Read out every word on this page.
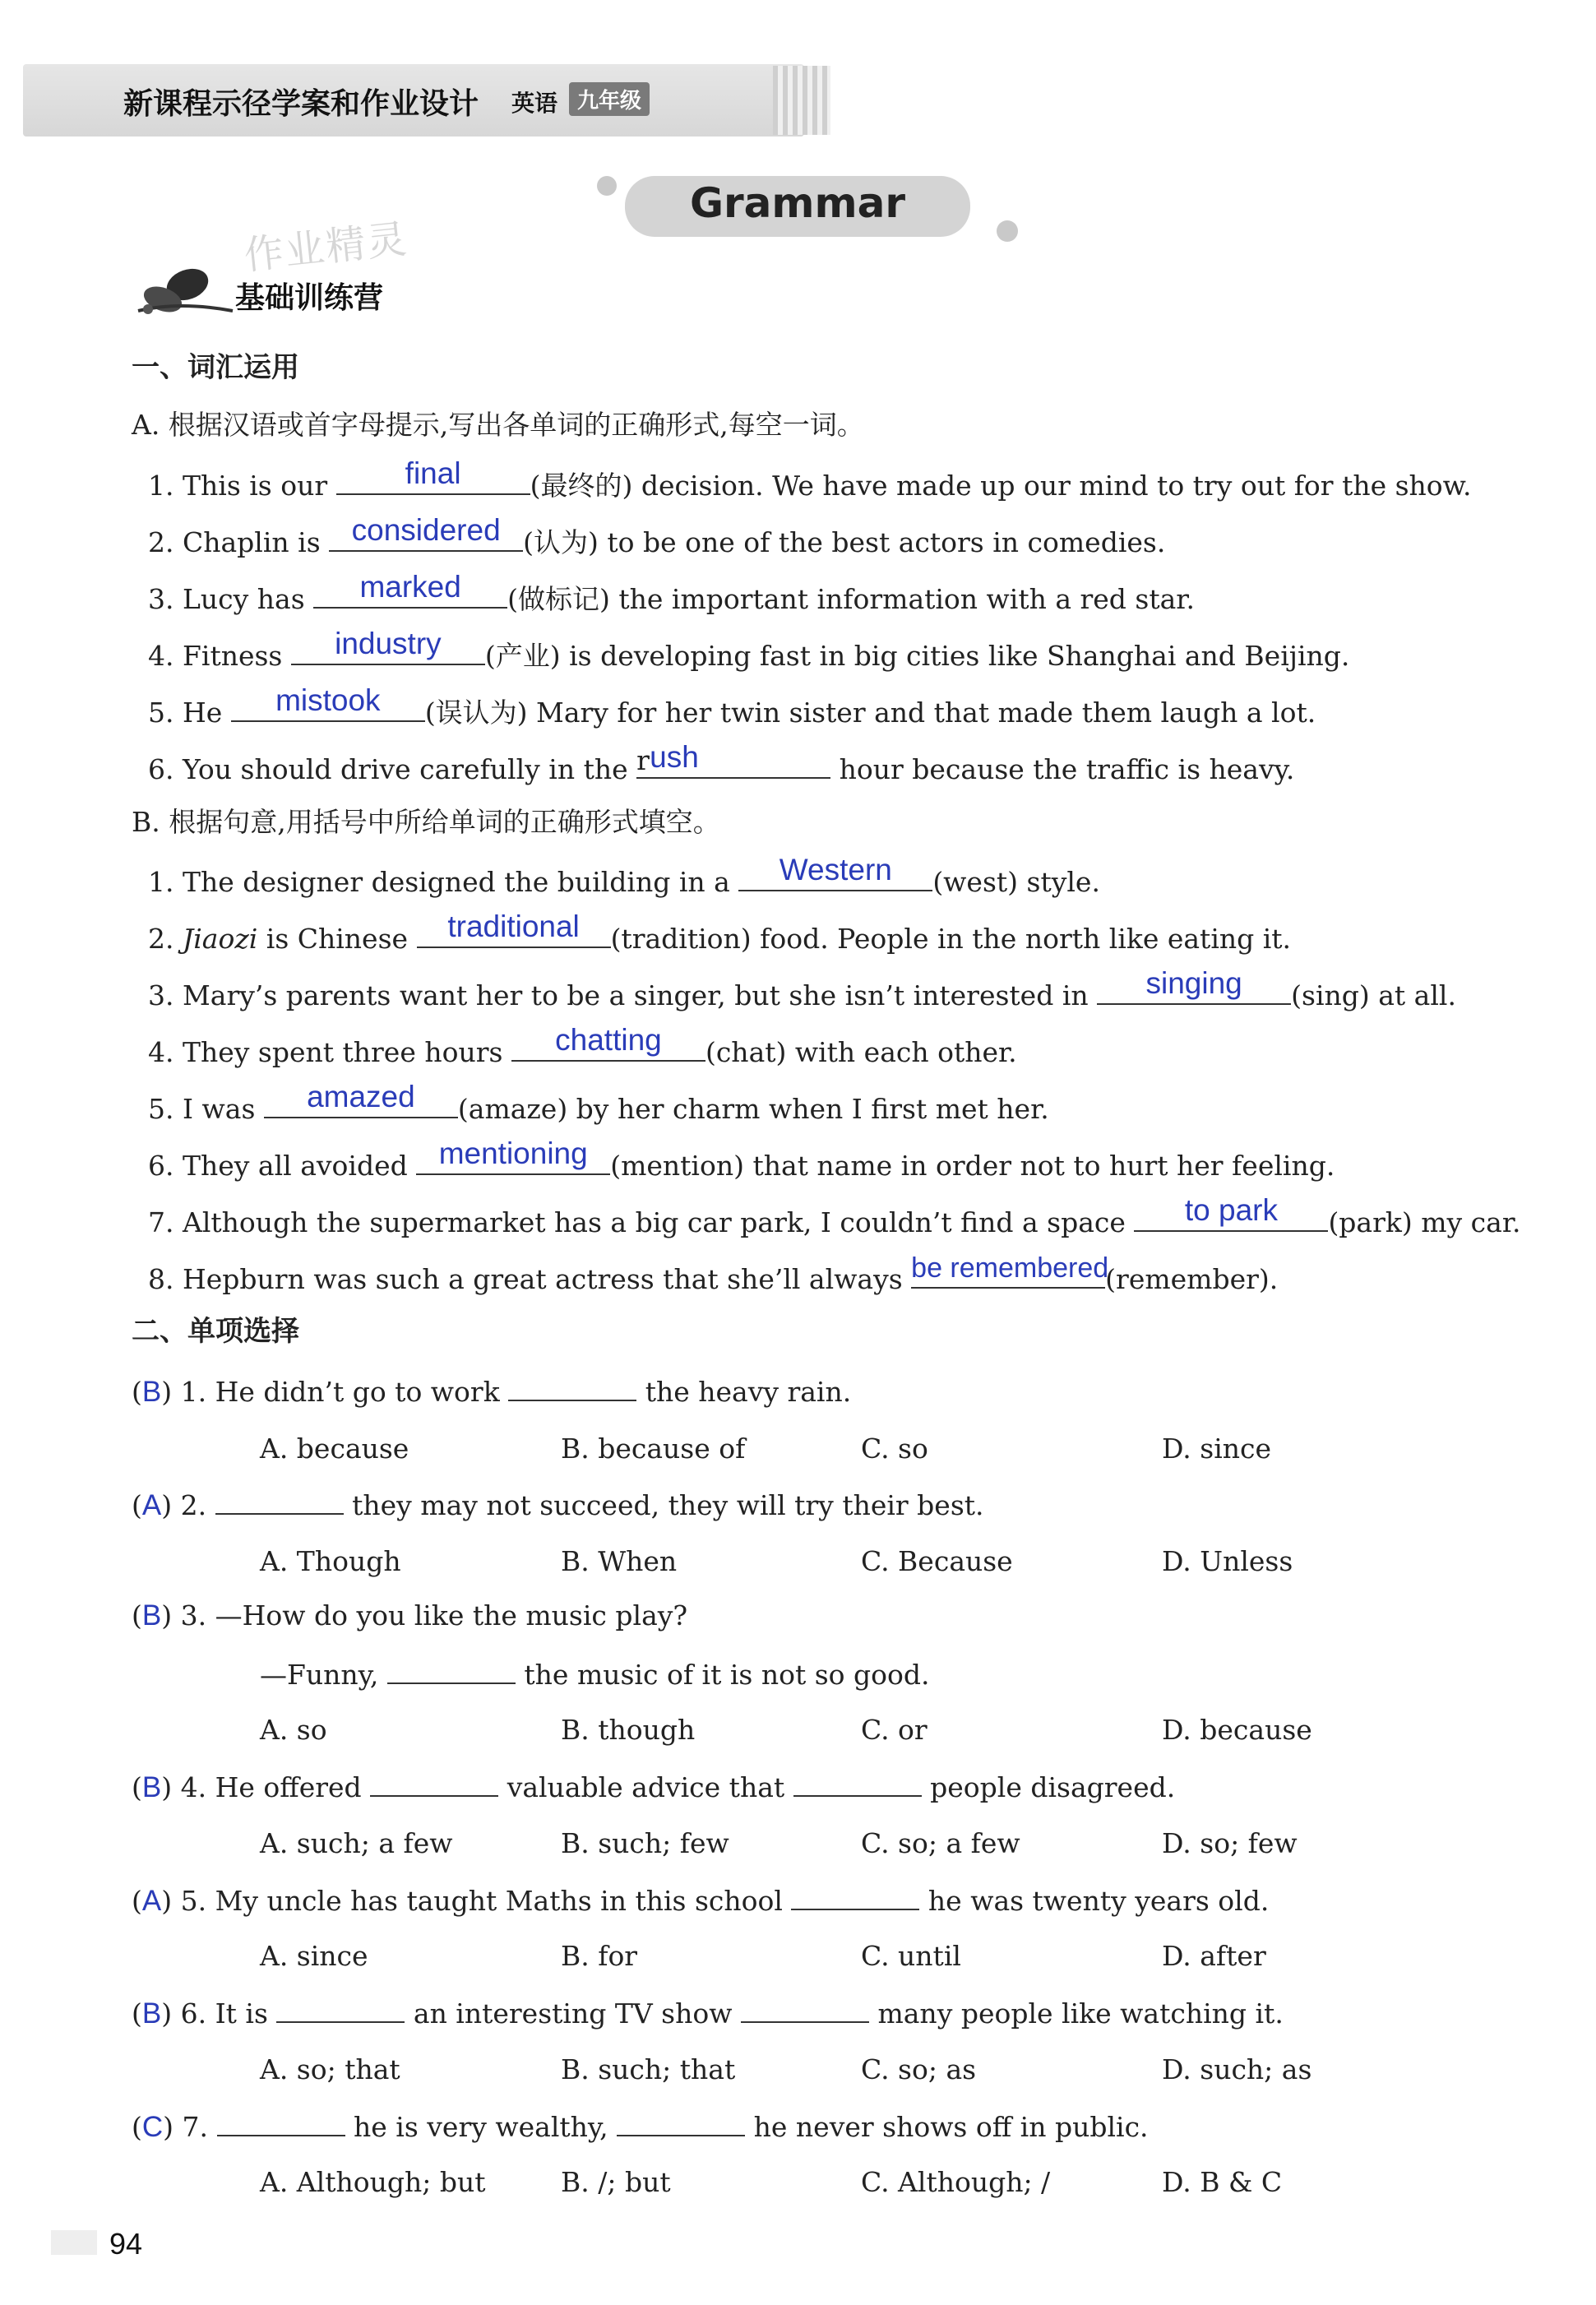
新课程示径学案和作业设计 英语 九年级
Grammar
作业精灵
基础训练营
一、词汇运用
A. 根据汉语或首字母提示,写出各单词的正确形式,每空一词。
1. This is our	final	(最终的) decision. We have made up our mind to try out for the show.
2. Chaplin is	considered (认为) to be one of the best actors in comedies.
3. Lucy has	marked	(做标记) the important information with a red star.
4. Fitness	industry	(产业) is developing fast in big cities like Shanghai and Beijing.
5. He	mistook	(误认为) Mary for her twin sister and that made them laugh a lot.
6. You should drive carefully in the r ush	hour because the traffic is heavy.
B. 根据句意,用括号中所给单词的正确形式填空。
1. The designer designed the building in a	Western	(west) style.
2. Jiaozi is Chinese	traditional	(tradition) food. People in the north like eating it.
3. Mary’s parents want her to be a singer, but she isn’t interested in	singing	(sing) at all.
4. They spent three hours	chatting	(chat) with each other.
5. I was	amazed	(amaze) by her charm when I first met her.
6. They all avoided	mentioning (mention) that name in order not to hurt her feeling.
7. Although the supermarket has a big car park, I couldn’t find a space	to park	(park) my car.
8. Hepburn was such a great actress that she’ll always be remembered
(remember).
二、单项选择
(B) 1. He didn’t go to work	the heavy rain.
A. because	B. because of	C. so	D. since
(A) 2.	they may not succeed, they will try their best.
A. Though	B. When	C. Because	D. Unless
(B) 3. —How do you like the music play?
—Funny,	the music of it is not so good.
A. so	B. though	C. or	D. because
(B) 4. He offered	valuable advice that	people disagreed.
A. such; a few	B. such; few	C. so; a few	D. so; few
(A) 5. My uncle has taught Maths in this school	he was twenty years old.
A. since	B. for	C. until	D. after
(B) 6. It is	an interesting TV show	many people like watching it.
A. so; that	B. such; that	C. so; as	D. such; as
(C) 7.	he is very wealthy,	he never shows off in public.
A. Although; but	B. /; but	C. Although; /	D. B & C
94
